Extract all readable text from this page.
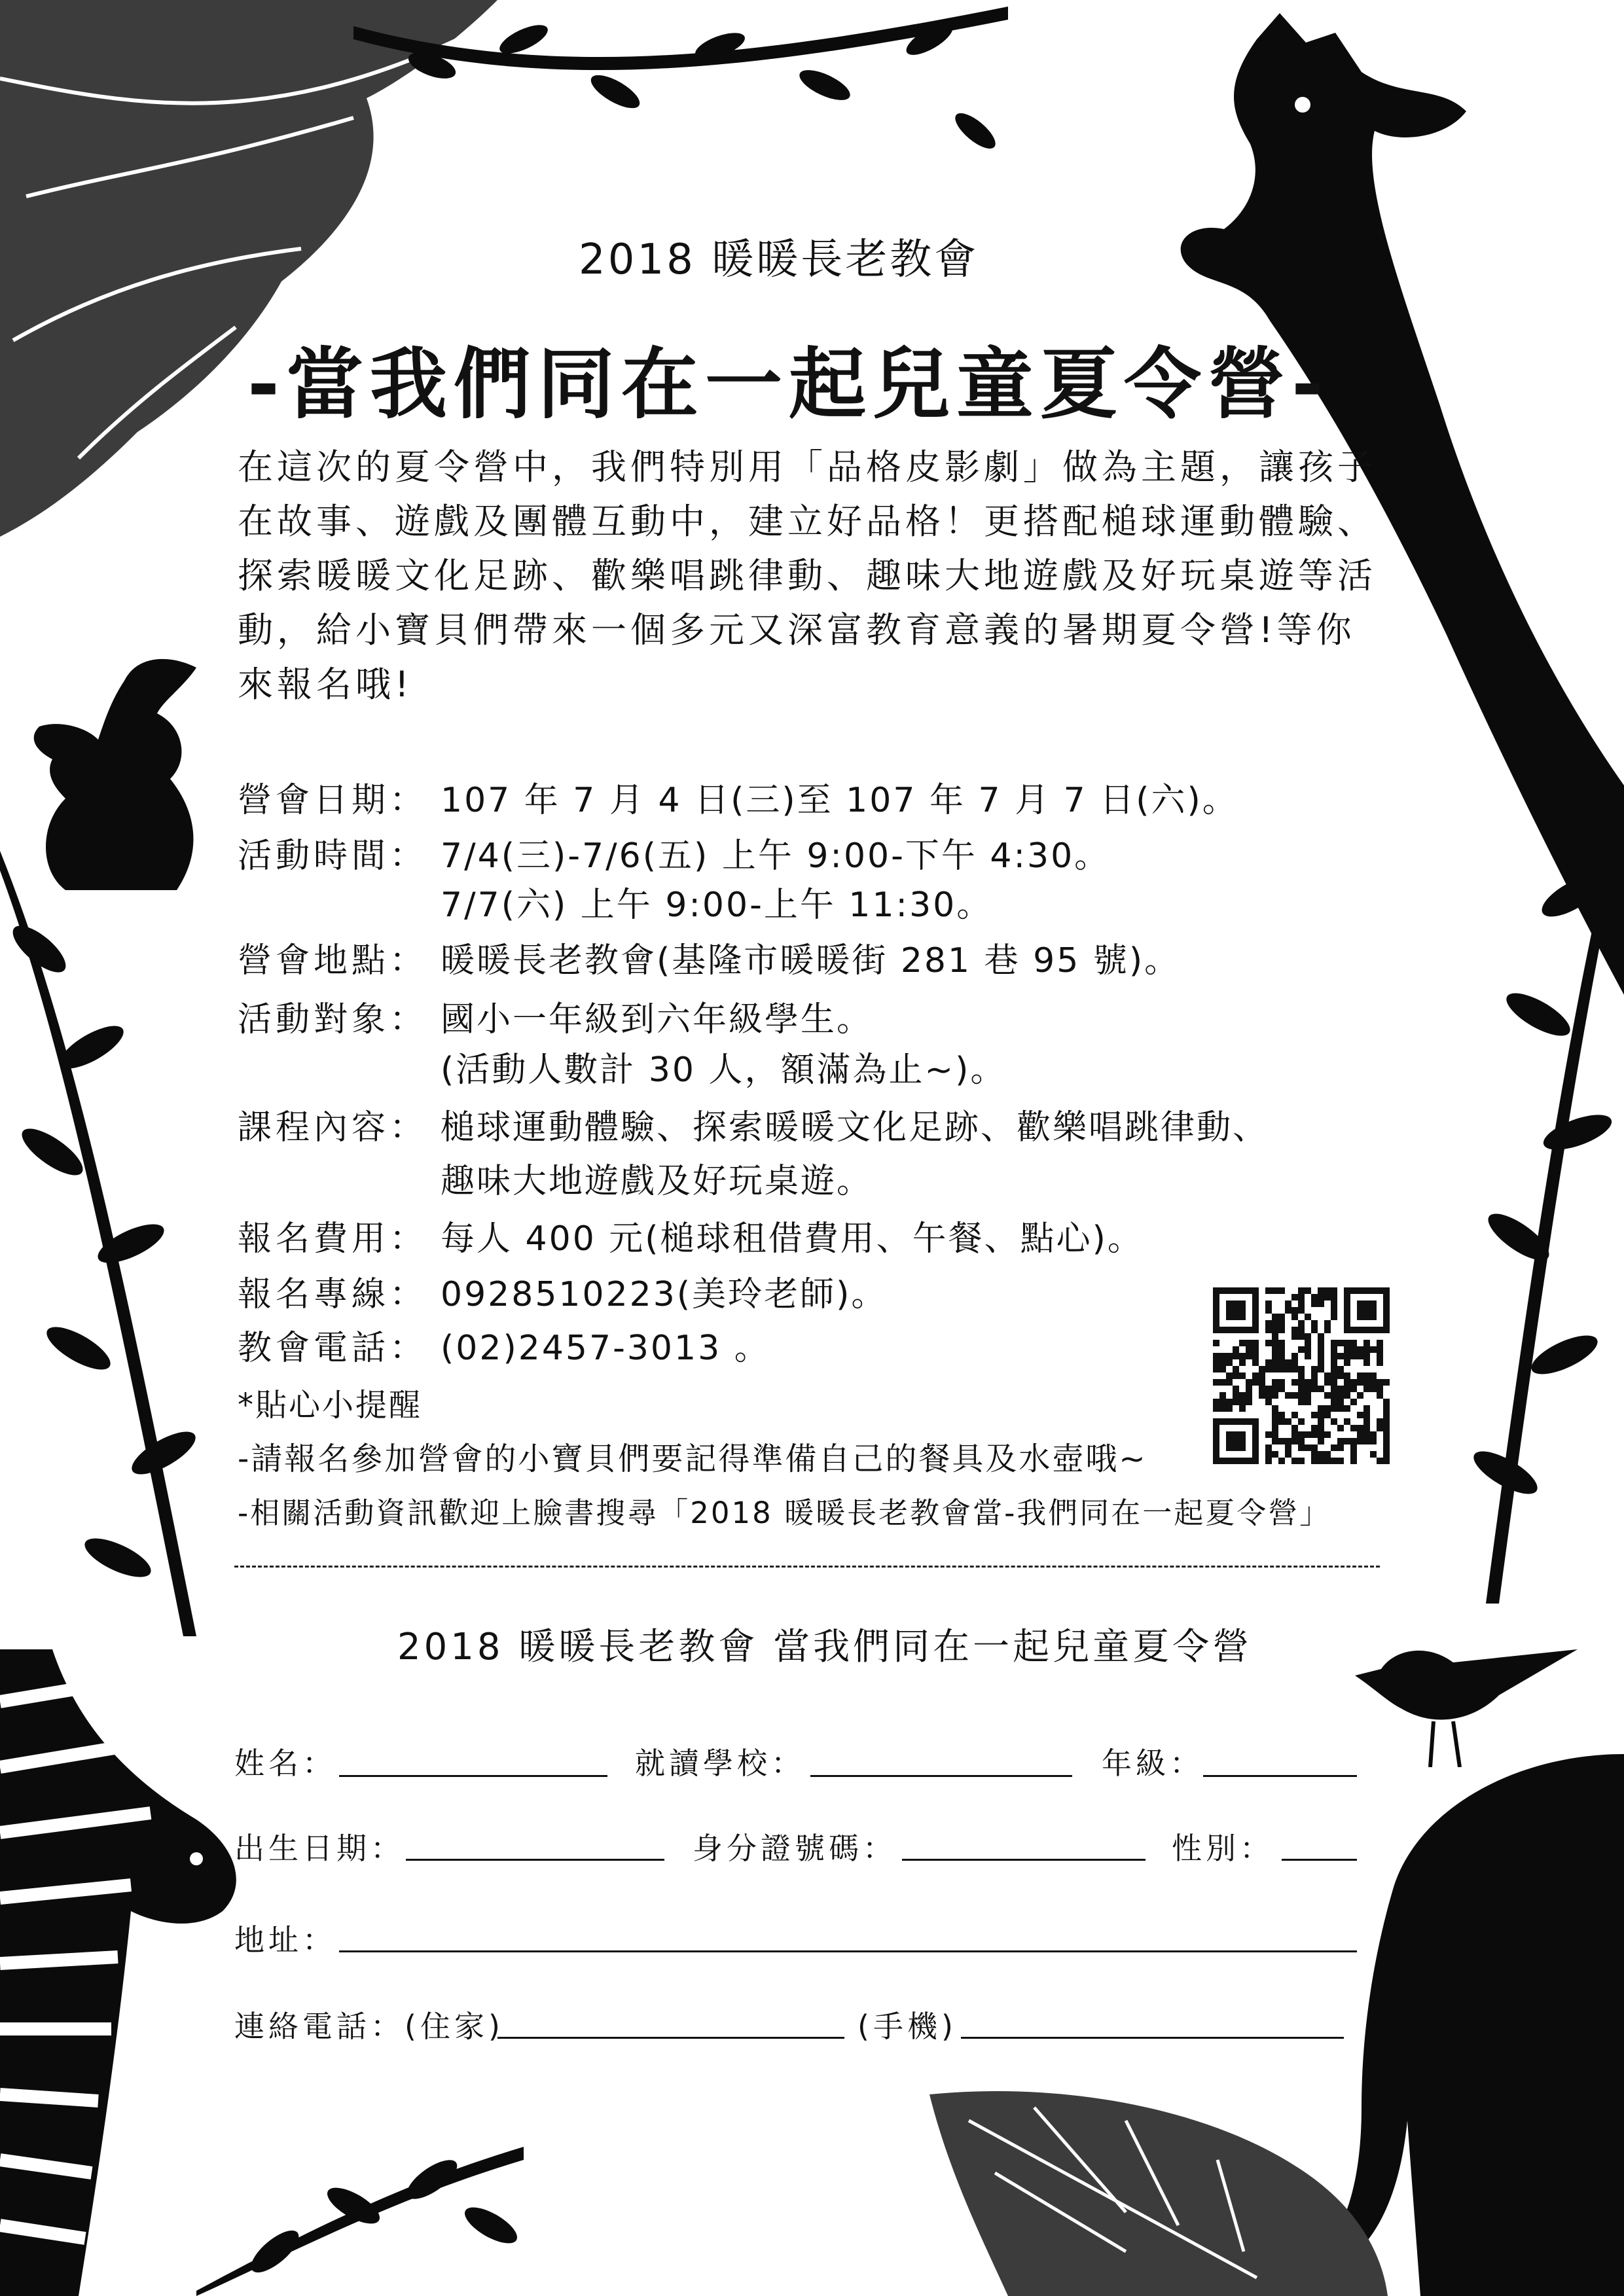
2018 暖暖長老教會
-當我們同在一起兒童夏令營-
在這次的夏令營中，我們特別用「品格皮影劇」做為主題，讓孩子在故事、遊戲及團體互動中，建立好品格！更搭配槌球運動體驗、探索暖暖文化足跡、歡樂唱跳律動、趣味大地遊戲及好玩桌遊等活動，給小寶貝們帶來一個多元又深富教育意義的暑期夏令營!等你來報名哦!
營會日期： 107 年 7 月 4 日(三)至 107 年 7 月 7 日(六)。
活動時間： 7/4(三)-7/6(五) 上午 9:00-下午 4:30。
7/7(六) 上午 9:00-上午 11:30。
營會地點： 暖暖長老教會(基隆市暖暖街 281 巷 95 號)。
活動對象： 國小一年級到六年級學生。
(活動人數計 30 人，額滿為止~)。
課程內容： 槌球運動體驗、探索暖暖文化足跡、歡樂唱跳律動、
趣味大地遊戲及好玩桌遊。
報名費用： 每人 400 元(槌球租借費用、午餐、點心)。
報名專線： 0928510223(美玲老師)。
教會電話： (02)2457-3013 。
*貼心小提醒
-請報名參加營會的小寶貝們要記得準備自己的餐具及水壺哦~
-相關活動資訊歡迎上臉書搜尋「2018 暖暖長老教會當-我們同在一起夏令營」
2018 暖暖長老教會 當我們同在一起兒童夏令營
姓名：	就讀學校：	年級：
出生日期：	身分證號碼：	性別：
地址：
連絡電話：(住家)	(手機)
